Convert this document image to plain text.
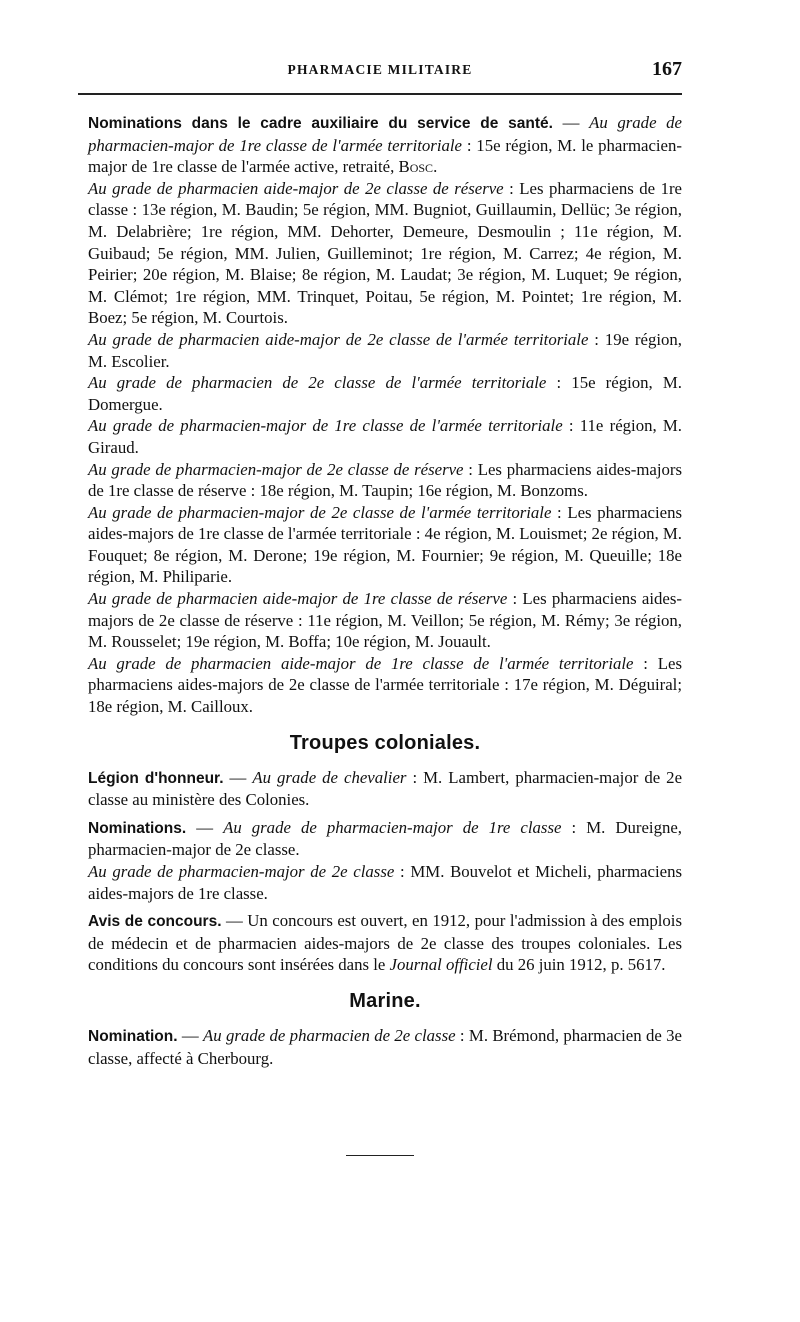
PHARMACIE MILITAIRE	167

Nominations dans le cadre auxiliaire du service de santé. — Au grade de pharmacien-major de 1re classe de l'armée territoriale : 15e région, M. le pharmacien-major de 1re classe de l'armée active, retraité, Bosc.

Au grade de pharmacien aide-major de 2e classe de réserve : Les pharmaciens de 1re classe : 13e région, M. Baudin; 5e région, MM. Bugniot, Guillaumin, Dellüc; 3e région, M. Delabrière; 1re région, MM. Dehorter, Demeure, Desmoulin ; 11e région, M. Guibaud; 5e région, MM. Julien, Guilleminot; 1re région, M. Carrez; 4e région, M. Peirier; 20e région, M. Blaise; 8e région, M. Laudat; 3e région, M. Luquet; 9e région, M. Clémot; 1re région, MM. Trinquet, Poitau, 5e région, M. Pointet; 1re région, M. Boez; 5e région, M. Courtois.

Au grade de pharmacien aide-major de 2e classe de l'armée territoriale : 19e région, M. Escolier.

Au grade de pharmacien de 2e classe de l'armée territoriale : 15e région, M. Domergue.

Au grade de pharmacien-major de 1re classe de l'armée territoriale : 11e région, M. Giraud.

Au grade de pharmacien-major de 2e classe de réserve : Les pharmaciens aides-majors de 1re classe de réserve : 18e région, M. Taupin; 16e région, M. Bonzoms.

Au grade de pharmacien-major de 2e classe de l'armée territoriale : Les pharmaciens aides-majors de 1re classe de l'armée territoriale : 4e région, M. Louismet; 2e région, M. Fouquet; 8e région, M. Derone; 19e région, M. Fournier; 9e région, M. Queuille; 18e région, M. Philiparie.

Au grade de pharmacien aide-major de 1re classe de réserve : Les pharmaciens aides-majors de 2e classe de réserve : 11e région, M. Veillon; 5e région, M. Rémy; 3e région, M. Rousselet; 19e région, M. Boffa; 10e région, M. Jouault.

Au grade de pharmacien aide-major de 1re classe de l'armée territoriale : Les pharmaciens aides-majors de 2e classe de l'armée territoriale : 17e région, M. Déguiral; 18e région, M. Cailloux.

Troupes coloniales.

Légion d'honneur. — Au grade de chevalier : M. Lambert, pharmacien-major de 2e classe au ministère des Colonies.

Nominations. — Au grade de pharmacien-major de 1re classe : M. Dureigne, pharmacien-major de 2e classe.

Au grade de pharmacien-major de 2e classe : MM. Bouvelot et Micheli, pharmaciens aides-majors de 1re classe.

Avis de concours. — Un concours est ouvert, en 1912, pour l'admission à des emplois de médecin et de pharmacien aides-majors de 2e classe des troupes coloniales. Les conditions du concours sont insérées dans le Journal officiel du 26 juin 1912, p. 5617.

Marine.

Nomination. — Au grade de pharmacien de 2e classe : M. Brémond, pharmacien de 3e classe, affecté à Cherbourg.
